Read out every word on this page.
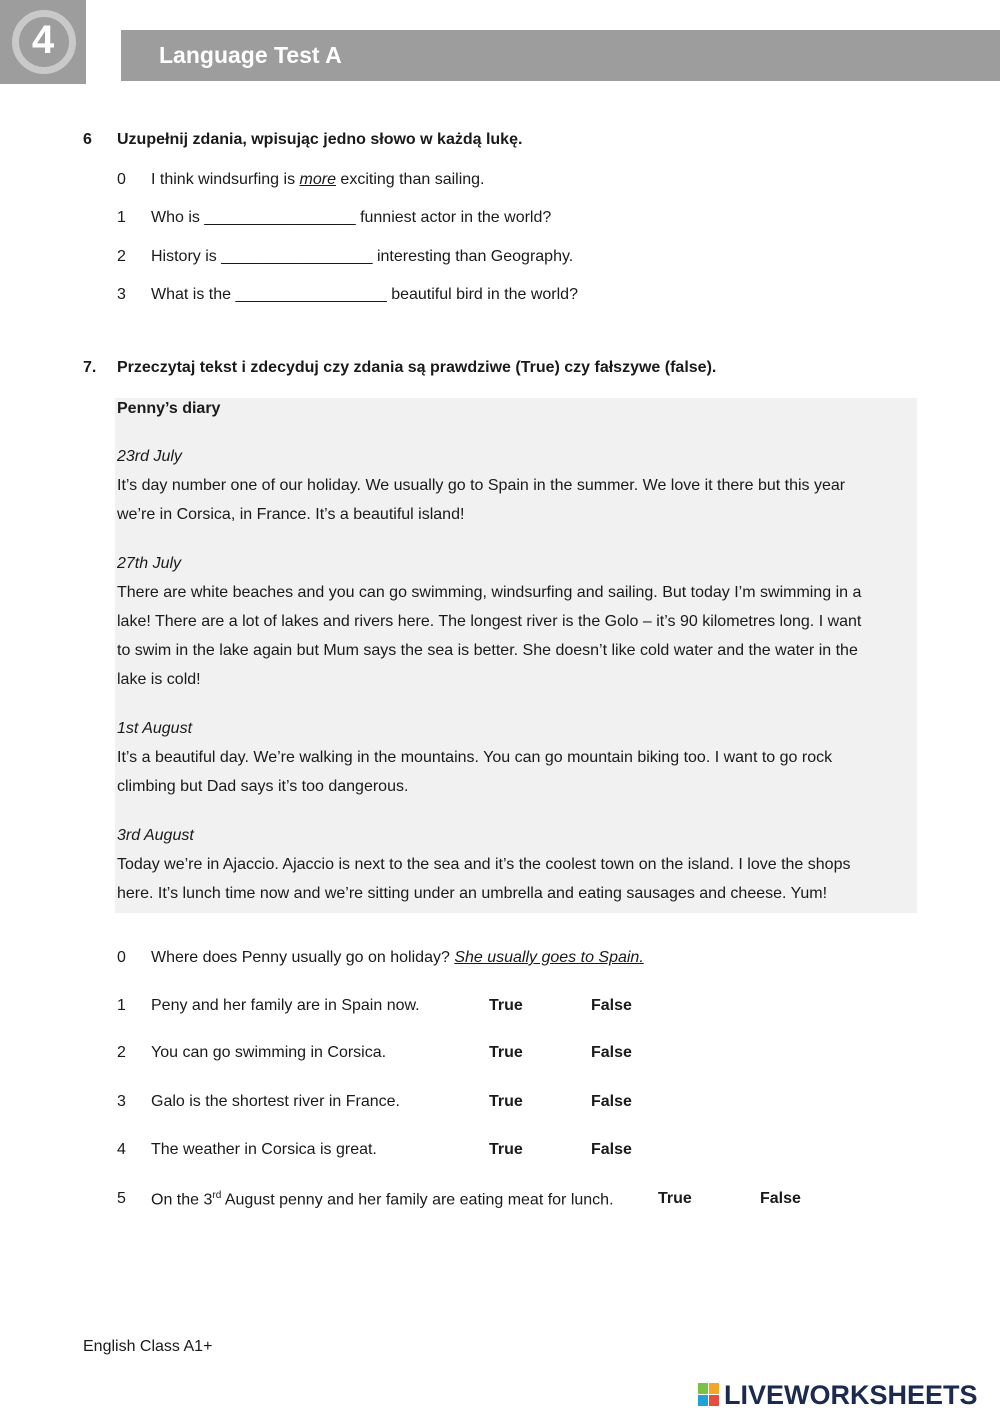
4	Language Test A
6 Uzupełnij zdania, wpisując jedno słowo w każdą lukę.
0 I think windsurfing is more exciting than sailing.
1 Who is _________________ funniest actor in the world?
2 History is _________________ interesting than Geography.
3 What is the _________________ beautiful bird in the world?
7. Przeczytaj tekst i zdecyduj czy zdania są prawdziwe (True) czy fałszywe (false).
Penny’s diary
23rd July
It’s day number one of our holiday. We usually go to Spain in the summer. We love it there but this year
we’re in Corsica, in France. It’s a beautiful island!
27th July
There are white beaches and you can go swimming, windsurfing and sailing. But today I’m swimming in a
lake! There are a lot of lakes and rivers here. The longest river is the Golo – it’s 90 kilometres long. I want
to swim in the lake again but Mum says the sea is better. She doesn’t like cold water and the water in the
lake is cold!
1st August
It’s a beautiful day. We’re walking in the mountains. You can go mountain biking too. I want to go rock
climbing but Dad says it’s too dangerous.
3rd August
Today we’re in Ajaccio. Ajaccio is next to the sea and it’s the coolest town on the island. I love the shops
here. It’s lunch time now and we’re sitting under an umbrella and eating sausages and cheese. Yum!
0 Where does Penny usually go on holiday? She usually goes to Spain.
1 Peny and her family are in Spain now.	True	False
2 You can go swimming in Corsica.	True	False
3 Galo is the shortest river in France.	True	False
4 The weather in Corsica is great.	True	False
5 On the 3rd August penny and her family are eating meat for lunch.	True	False
English Class A1+
LIVEWORKSHEETS
